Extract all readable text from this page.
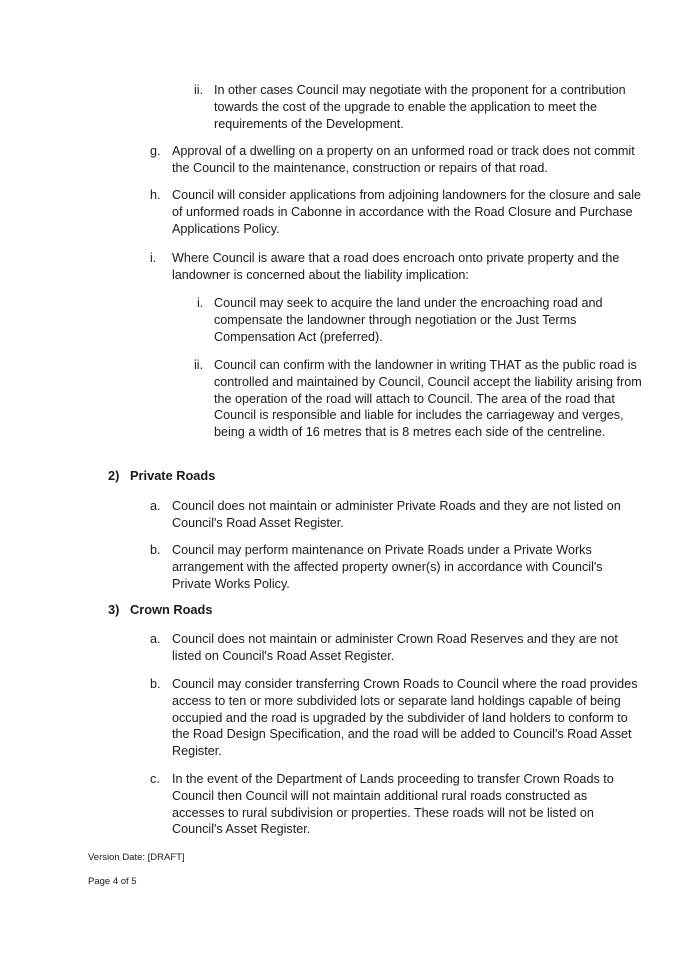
ii. In other cases Council may negotiate with the proponent for a contribution towards the cost of the upgrade to enable the application to meet the requirements of the Development.
g. Approval of a dwelling on a property on an unformed road or track does not commit the Council to the maintenance, construction or repairs of that road.
h. Council will consider applications from adjoining landowners for the closure and sale of unformed roads in Cabonne in accordance with the Road Closure and Purchase Applications Policy.
i. Where Council is aware that a road does encroach onto private property and the landowner is concerned about the liability implication:
i. Council may seek to acquire the land under the encroaching road and compensate the landowner through negotiation or the Just Terms Compensation Act (preferred).
ii. Council can confirm with the landowner in writing THAT as the public road is controlled and maintained by Council, Council accept the liability arising from the operation of the road will attach to Council. The area of the road that Council is responsible and liable for includes the carriageway and verges, being a width of 16 metres that is 8 metres each side of the centreline.
2) Private Roads
a. Council does not maintain or administer Private Roads and they are not listed on Council's Road Asset Register.
b. Council may perform maintenance on Private Roads under a Private Works arrangement with the affected property owner(s) in accordance with Council's Private Works Policy.
3) Crown Roads
a. Council does not maintain or administer Crown Road Reserves and they are not listed on Council's Road Asset Register.
b. Council may consider transferring Crown Roads to Council where the road provides access to ten or more subdivided lots or separate land holdings capable of being occupied and the road is upgraded by the subdivider of land holders to conform to the Road Design Specification, and the road will be added to Council's Road Asset Register.
c. In the event of the Department of Lands proceeding to transfer Crown Roads to Council then Council will not maintain additional rural roads constructed as accesses to rural subdivision or properties. These roads will not be listed on Council's Asset Register.
Version Date: [DRAFT]
Page 4 of 5
